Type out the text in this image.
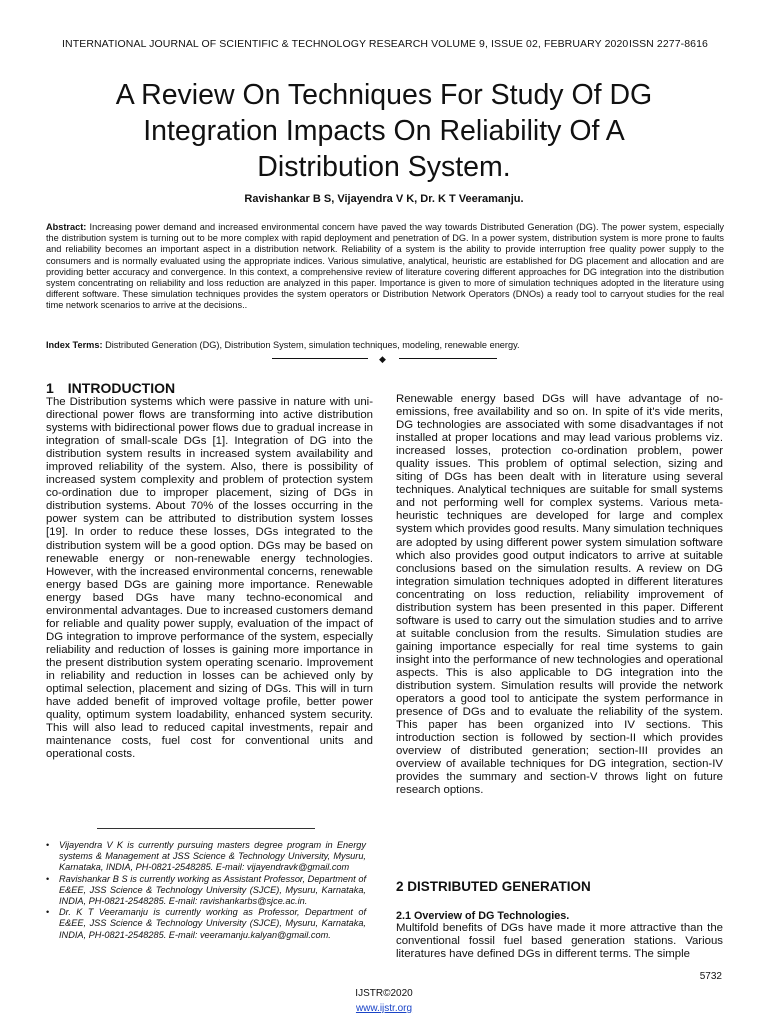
INTERNATIONAL JOURNAL OF SCIENTIFIC & TECHNOLOGY RESEARCH VOLUME 9, ISSUE 02, FEBRUARY 2020 ISSN 2277-8616
A Review On Techniques For Study Of DG
Integration Impacts On Reliability Of A
Distribution System.
Ravishankar B S, Vijayendra V K, Dr. K T Veeramanju.
Abstract: Increasing power demand and increased environmental concern have paved the way towards Distributed Generation (DG). The power system, especially the distribution system is turning out to be more complex with rapid deployment and penetration of DG. In a power system, distribution system is more prone to faults and reliability becomes an important aspect in a distribution network. Reliability of a system is the ability to provide interruption free quality power supply to the consumers and is normally evaluated using the appropriate indices. Various simulative, analytical, heuristic are established for DG placement and allocation and are providing better accuracy and convergence. In this context, a comprehensive review of literature covering different approaches for DG integration into the distribution system concentrating on reliability and loss reduction are analyzed in this paper. Importance is given to more of simulation techniques adopted in the literature using different software. These simulation techniques provides the system operators or Distribution Network Operators (DNOs) a ready tool to carryout studies for the real time network scenarios to arrive at the decisions..
Index Terms: Distributed Generation (DG), Distribution System, simulation techniques, modeling, renewable energy.
◆
1 INTRODUCTION
The Distribution systems which were passive in nature with uni-directional power flows are transforming into active distribution systems with bidirectional power flows due to gradual increase in integration of small-scale DGs [1]. Integration of DG into the distribution system results in increased system availability and improved reliability of the system. Also, there is possibility of increased system complexity and problem of protection system co-ordination due to improper placement, sizing of DGs in distribution systems. About 70% of the losses occurring in the power system can be attributed to distribution system losses [19]. In order to reduce these losses, DGs integrated to the distribution system will be a good option. DGs may be based on renewable energy or non-renewable energy technologies. However, with the increased environmental concerns, renewable energy based DGs are gaining more importance. Renewable energy based DGs have many techno-economical and environmental advantages. Due to increased customers demand for reliable and quality power supply, evaluation of the impact of DG integration to improve performance of the system, especially reliability and reduction of losses is gaining more importance in the present distribution system operating scenario. Improvement in reliability and reduction in losses can be achieved only by optimal selection, placement and sizing of DGs. This will in turn have added benefit of improved voltage profile, better power quality, optimum system loadability, enhanced system security. This will also lead to reduced capital investments, repair and maintenance costs, fuel cost for conventional units and operational costs.
Renewable energy based DGs will have advantage of no-emissions, free availability and so on. In spite of it's vide merits, DG technologies are associated with some disadvantages if not installed at proper locations and may lead various problems viz. increased losses, protection co-ordination problem, power quality issues. This problem of optimal selection, sizing and siting of DGs has been dealt with in literature using several techniques. Analytical techniques are suitable for small systems and not performing well for complex systems. Various meta-heuristic techniques are developed for large and complex system which provides good results. Many simulation techniques are adopted by using different power system simulation software which also provides good output indicators to arrive at suitable conclusions based on the simulation results. A review on DG integration simulation techniques adopted in different literatures concentrating on loss reduction, reliability improvement of distribution system has been presented in this paper. Different software is used to carry out the simulation studies and to arrive at suitable conclusion from the results. Simulation studies are gaining importance especially for real time systems to gain insight into the performance of new technologies and operational aspects. This is also applicable to DG integration into the distribution system. Simulation results will provide the network operators a good tool to anticipate the system performance in presence of DGs and to evaluate the reliability of the system. This paper has been organized into IV sections. This introduction section is followed by section-II which provides overview of distributed generation; section-III provides an overview of available techniques for DG integration, section-IV provides the summary and section-V throws light on future research options.
• Vijayendra V K is currently pursuing masters degree program in Energy systems & Management at JSS Science & Technology University, Mysuru, Karnataka, INDIA, PH-0821-2548285. E-mail: vijayendravk@gmail.com
• Ravishankar B S is currently working as Assistant Professor, Department of E&EE, JSS Science & Technology University (SJCE), Mysuru, Karnataka, INDIA, PH-0821-2548285. E-mail: ravishankarbs@sjce.ac.in.
• Dr. K T Veeramanju is currently working as Professor, Department of E&EE, JSS Science & Technology University (SJCE), Mysuru, Karnataka, INDIA, PH-0821-2548285. E-mail: veeramanju.kalyan@gmail.com.
2 DISTRIBUTED GENERATION
2.1 Overview of DG Technologies.
Multifold benefits of DGs have made it more attractive than the conventional fossil fuel based generation stations. Various literatures have defined DGs in different terms. The simple
5732
IJSTR©2020
www.ijstr.org
